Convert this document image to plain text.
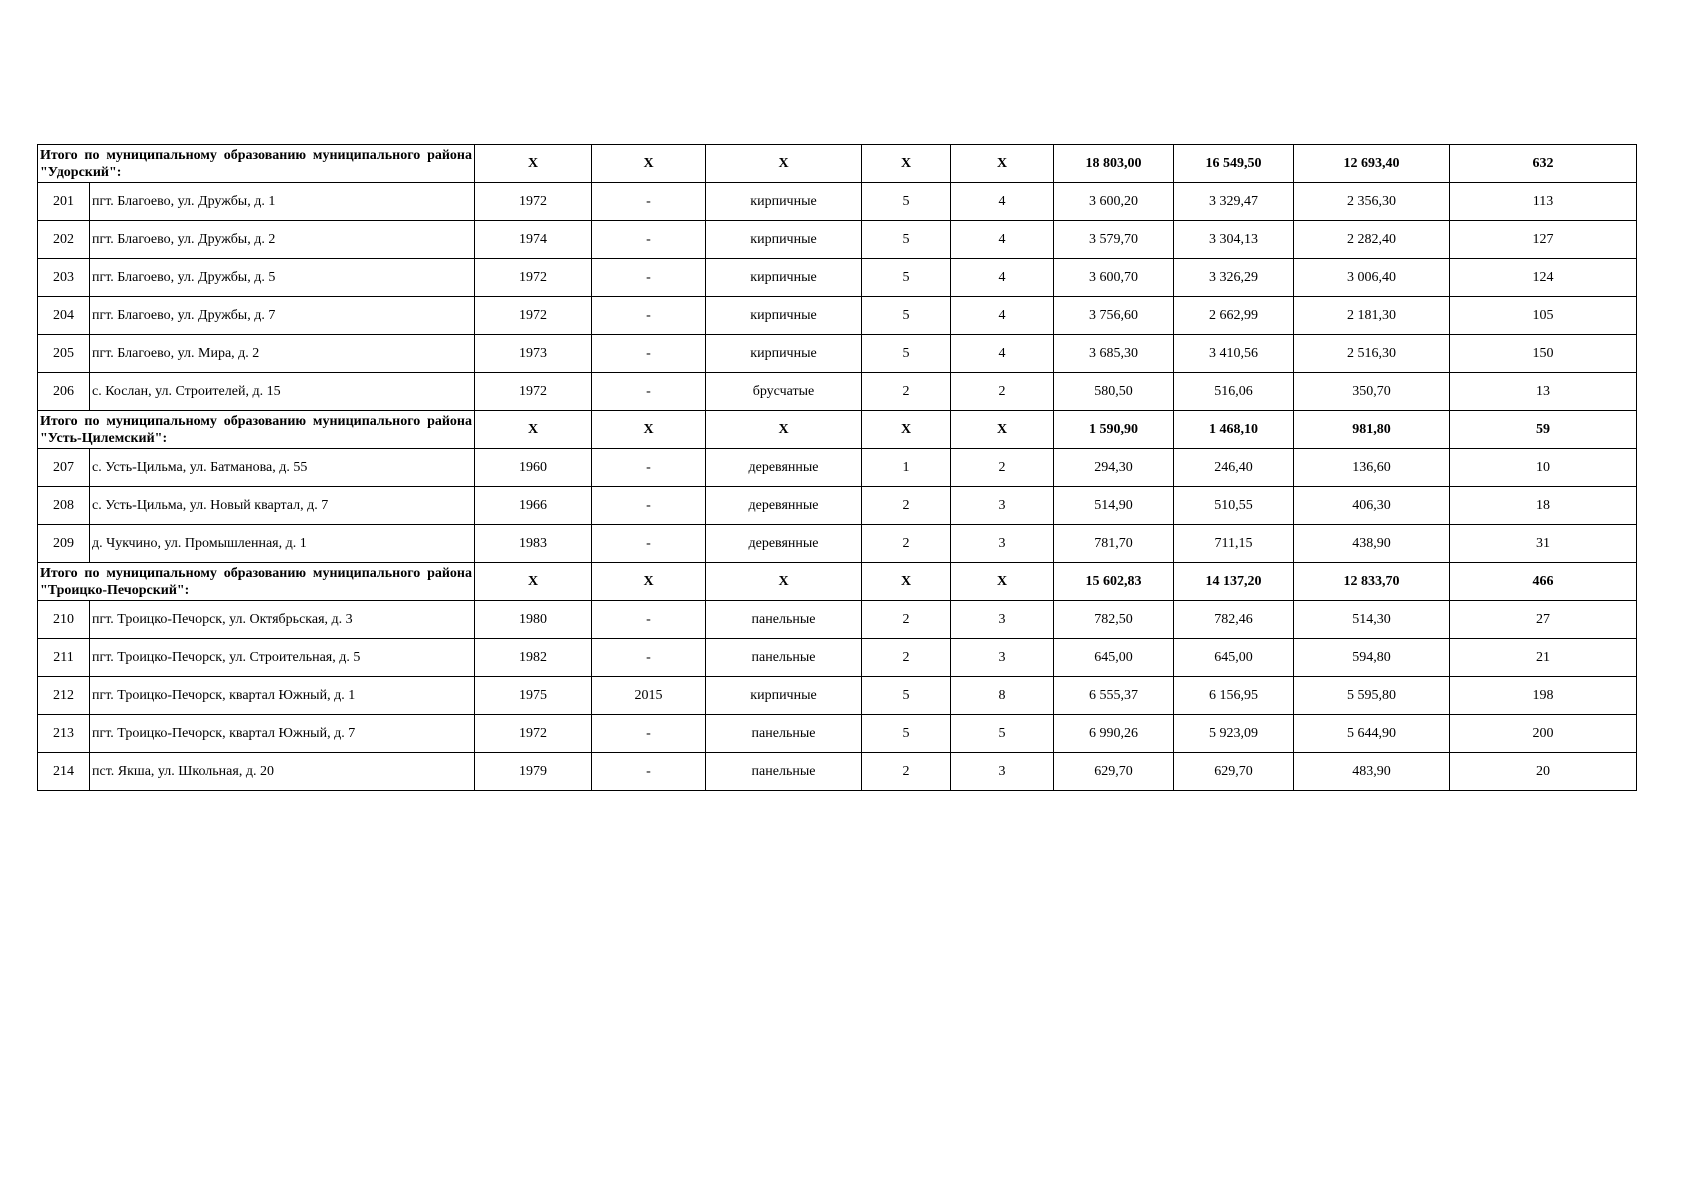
Итого по муниципальному образованию муниципального района "Удорский":		X	X	X	X	X	18 803,00	16 549,50	12 693,40	632
201	пгт. Благоево, ул. Дружбы, д. 1	1972	-	кирпичные	5	4	3 600,20	3 329,47	2 356,30	113
202	пгт. Благоево, ул. Дружбы, д. 2	1974	-	кирпичные	5	4	3 579,70	3 304,13	2 282,40	127
203	пгт. Благоево, ул. Дружбы, д. 5	1972	-	кирпичные	5	4	3 600,70	3 326,29	3 006,40	124
204	пгт. Благоево, ул. Дружбы, д. 7	1972	-	кирпичные	5	4	3 756,60	2 662,99	2 181,30	105
205	пгт. Благоево, ул. Мира, д. 2	1973	-	кирпичные	5	4	3 685,30	3 410,56	2 516,30	150
206	с. Кослан, ул. Строителей, д. 15	1972	-	брусчатые	2	2	580,50	516,06	350,70	13
Итого по муниципальному образованию муниципального района "Усть-Цилемский":		X	X	X	X	X	1 590,90	1 468,10	981,80	59
207	с. Усть-Цильма, ул. Батманова, д. 55	1960	-	деревянные	1	2	294,30	246,40	136,60	10
208	с. Усть-Цильма, ул. Новый квартал, д. 7	1966	-	деревянные	2	3	514,90	510,55	406,30	18
209	д. Чукчино, ул. Промышленная, д. 1	1983	-	деревянные	2	3	781,70	711,15	438,90	31
Итого по муниципальному образованию муниципального района "Троицко-Печорский":		X	X	X	X	X	15 602,83	14 137,20	12 833,70	466
210	пгт. Троицко-Печорск, ул. Октябрьская, д. 3	1980	-	панельные	2	3	782,50	782,46	514,30	27
211	пгт. Троицко-Печорск, ул. Строительная, д. 5	1982	-	панельные	2	3	645,00	645,00	594,80	21
212	пгт. Троицко-Печорск, квартал Южный, д. 1	1975	2015	кирпичные	5	8	6 555,37	6 156,95	5 595,80	198
213	пгт. Троицко-Печорск, квартал Южный, д. 7	1972	-	панельные	5	5	6 990,26	5 923,09	5 644,90	200
214	пст. Якша, ул. Школьная, д. 20	1979	-	панельные	2	3	629,70	629,70	483,90	20
